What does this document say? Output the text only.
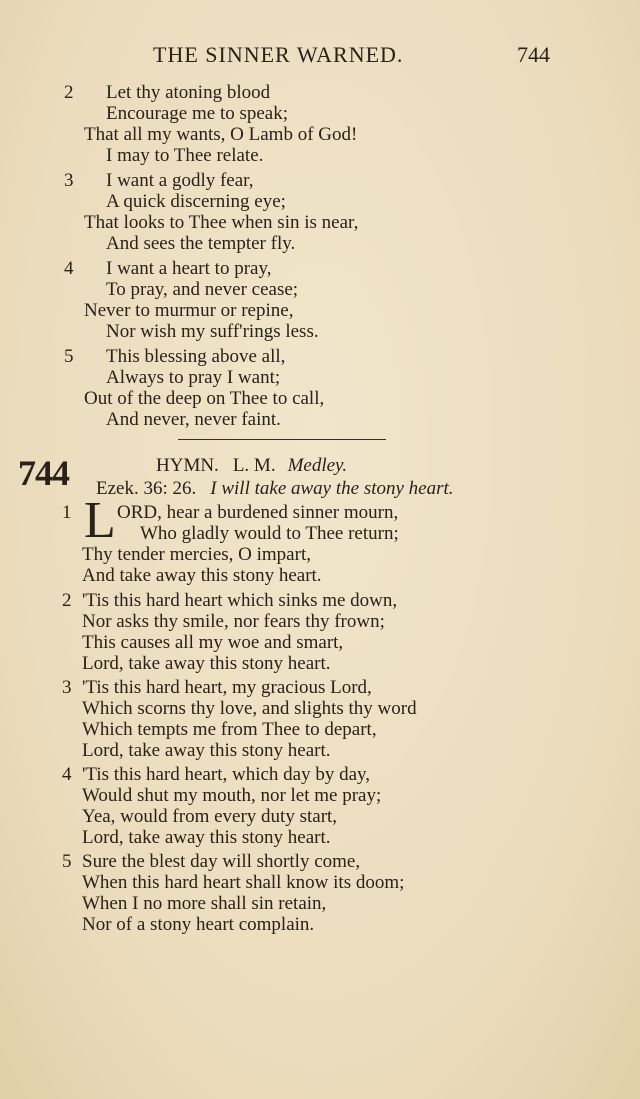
THE SINNER WARNED.	744
2 Let thy atoning blood
Encourage me to speak;
That all my wants, O Lamb of God!
I may to Thee relate.
3 I want a godly fear,
A quick discerning eye;
That looks to Thee when sin is near,
And sees the tempter fly.
4 I want a heart to pray,
To pray, and never cease;
Never to murmur or repine,
Nor wish my suff'rings less.
5 This blessing above all,
Always to pray I want;
Out of the deep on Thee to call,
And never, never faint.
744	HYMN. L. M. Medley.
Ezek. 36: 26. I will take away the stony heart.
1 L ORD, hear a burdened sinner mourn,
Who gladly would to Thee return;
Thy tender mercies, O impart,
And take away this stony heart.
2 'Tis this hard heart which sinks me down,
Nor asks thy smile, nor fears thy frown;
This causes all my woe and smart,
Lord, take away this stony heart.
3 'Tis this hard heart, my gracious Lord,
Which scorns thy love, and slights thy word
Which tempts me from Thee to depart,
Lord, take away this stony heart.
4 'Tis this hard heart, which day by day,
Would shut my mouth, nor let me pray;
Yea, would from every duty start,
Lord, take away this stony heart.
5 Sure the blest day will shortly come,
When this hard heart shall know its doom;
When I no more shall sin retain,
Nor of a stony heart complain.
